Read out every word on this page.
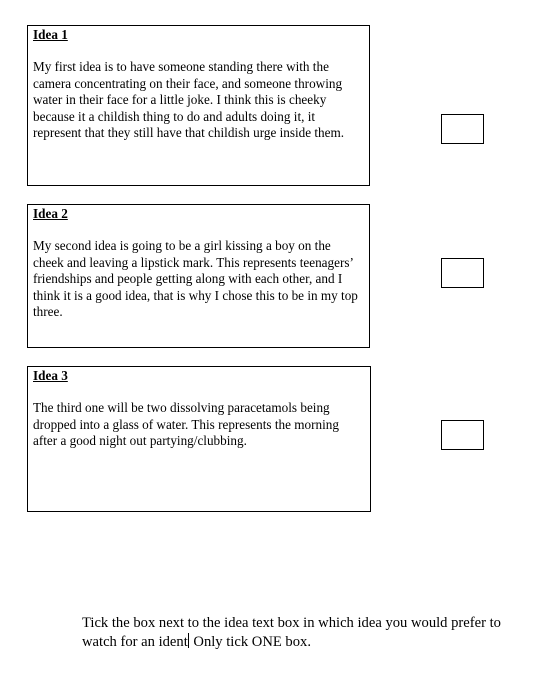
Idea 1

My first idea is to have someone standing there with the camera concentrating on their face, and someone throwing water in their face for a little joke. I think this is cheeky because it a childish thing to do and adults doing it, it represent that they still have that childish urge inside them.

Idea 2

My second idea is going to be a girl kissing a boy on the cheek and leaving a lipstick mark. This represents teenagers’ friendships and people getting along with each other, and I think it is a good idea, that is why I chose this to be in my top three.

Idea 3

The third one will be two dissolving paracetamols being dropped into a glass of water. This represents the morning after a good night out partying/clubbing.

Tick the box next to the idea text box in which idea you would prefer to watch for an ident Only tick ONE box.
